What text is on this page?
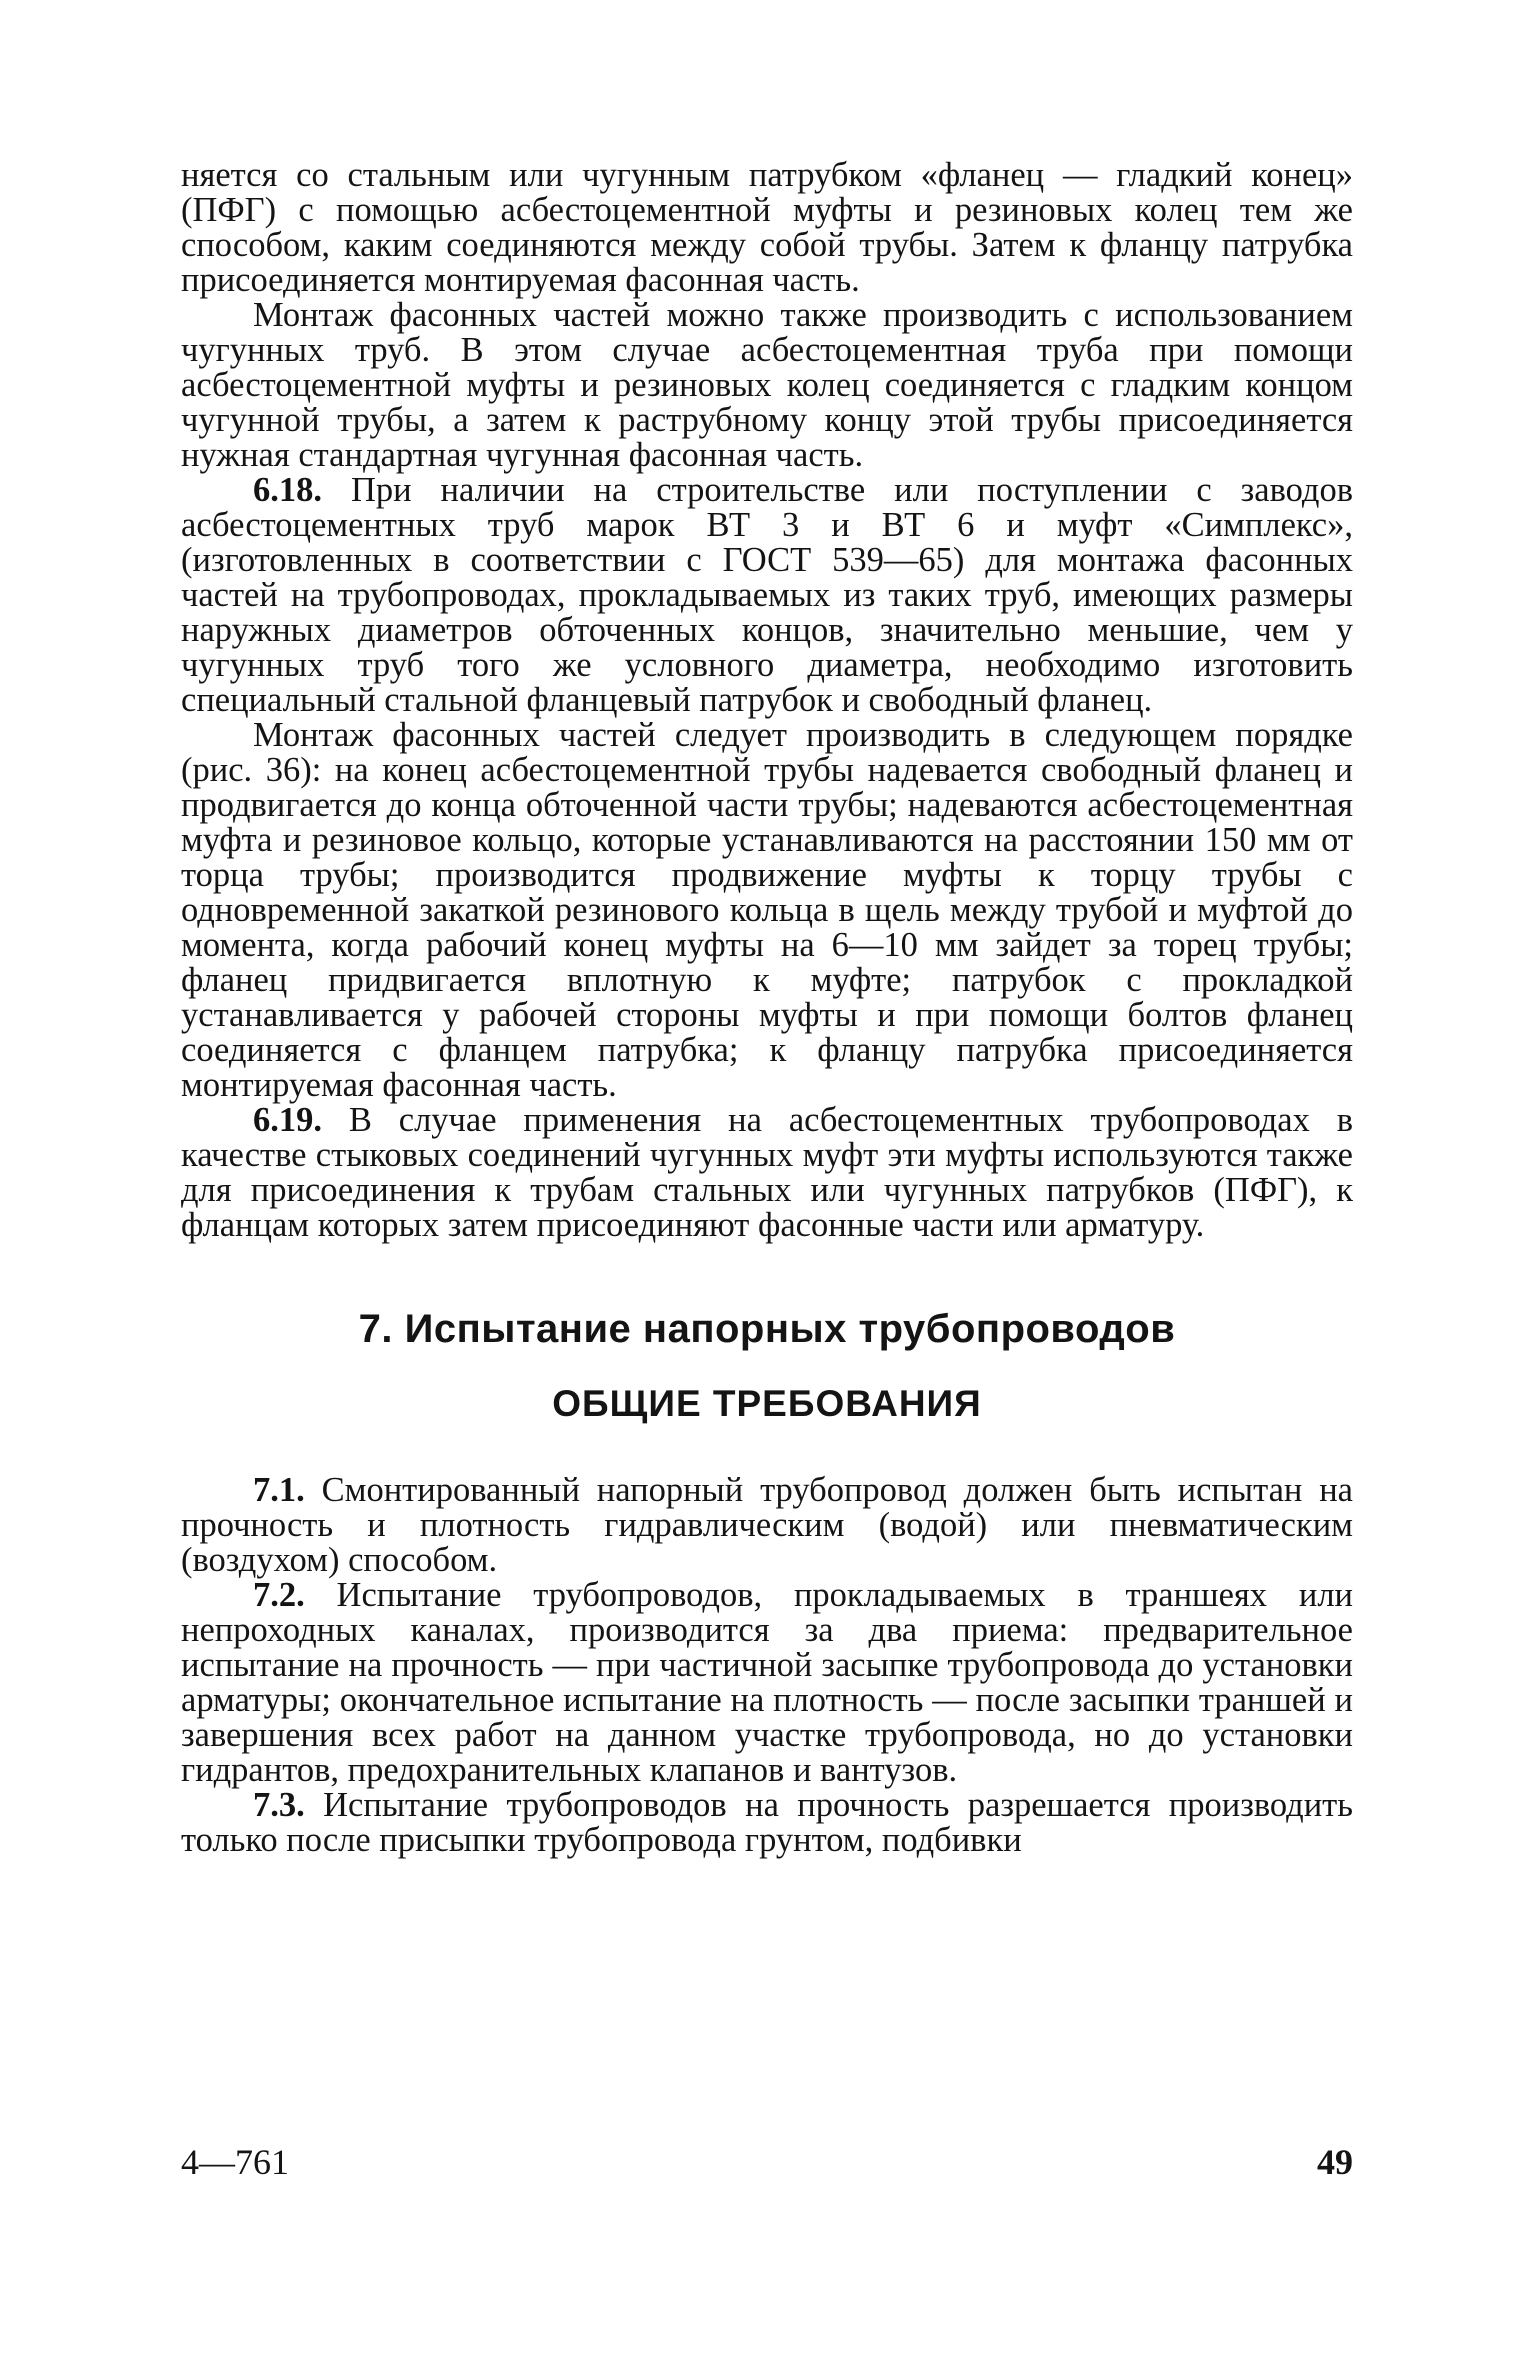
няется со стальным или чугунным патрубком «фланец — гладкий конец» (ПФГ) с помощью асбестоцементной муфты и резиновых колец тем же способом, каким соединяются между собой трубы. Затем к фланцу патрубка присоединяется монтируемая фасонная часть.

Монтаж фасонных частей можно также производить с использованием чугунных труб. В этом случае асбестоцементная труба при помощи асбестоцементной муфты и резиновых колец соединяется с гладким концом чугунной трубы, а затем к раструбному концу этой трубы присоединяется нужная стандартная чугунная фасонная часть.

6.18. При наличии на строительстве или поступлении с заводов асбестоцементных труб марок ВТ 3 и ВТ 6 и муфт «Симплекс», (изготовленных в соответствии с ГОСТ 539—65) для монтажа фасонных частей на трубопроводах, прокладываемых из таких труб, имеющих размеры наружных диаметров обточенных концов, значительно меньшие, чем у чугунных труб того же условного диаметра, необходимо изготовить специальный стальной фланцевый патрубок и свободный фланец.

Монтаж фасонных частей следует производить в следующем порядке (рис. 36): на конец асбестоцементной трубы надевается свободный фланец и продвигается до конца обточенной части трубы; надеваются асбестоцементная муфта и резиновое кольцо, которые устанавливаются на расстоянии 150 мм от торца трубы; производится продвижение муфты к торцу трубы с одновременной закаткой резинового кольца в щель между трубой и муфтой до момента, когда рабочий конец муфты на 6—10 мм зайдет за торец трубы; фланец придвигается вплотную к муфте; патрубок с прокладкой устанавливается у рабочей стороны муфты и при помощи болтов фланец соединяется с фланцем патрубка; к фланцу патрубка присоединяется монтируемая фасонная часть.

6.19. В случае применения на асбестоцементных трубопроводах в качестве стыковых соединений чугунных муфт эти муфты используются также для присоединения к трубам стальных или чугунных патрубков (ПФГ), к фланцам которых затем присоединяют фасонные части или арматуру.

7. Испытание напорных трубопроводов
ОБЩИЕ ТРЕБОВАНИЯ

7.1. Смонтированный напорный трубопровод должен быть испытан на прочность и плотность гидравлическим (водой) или пневматическим (воздухом) способом.

7.2. Испытание трубопроводов, прокладываемых в траншеях или непроходных каналах, производится за два приема: предварительное испытание на прочность — при частичной засыпке трубопровода до установки арматуры; окончательное испытание на плотность — после засыпки траншей и завершения всех работ на данном участке трубопровода, но до установки гидрантов, предохранительных клапанов и вантузов.

7.3. Испытание трубопроводов на прочность разрешается производить только после присыпки трубопровода грунтом, подбивки

4—761	49
